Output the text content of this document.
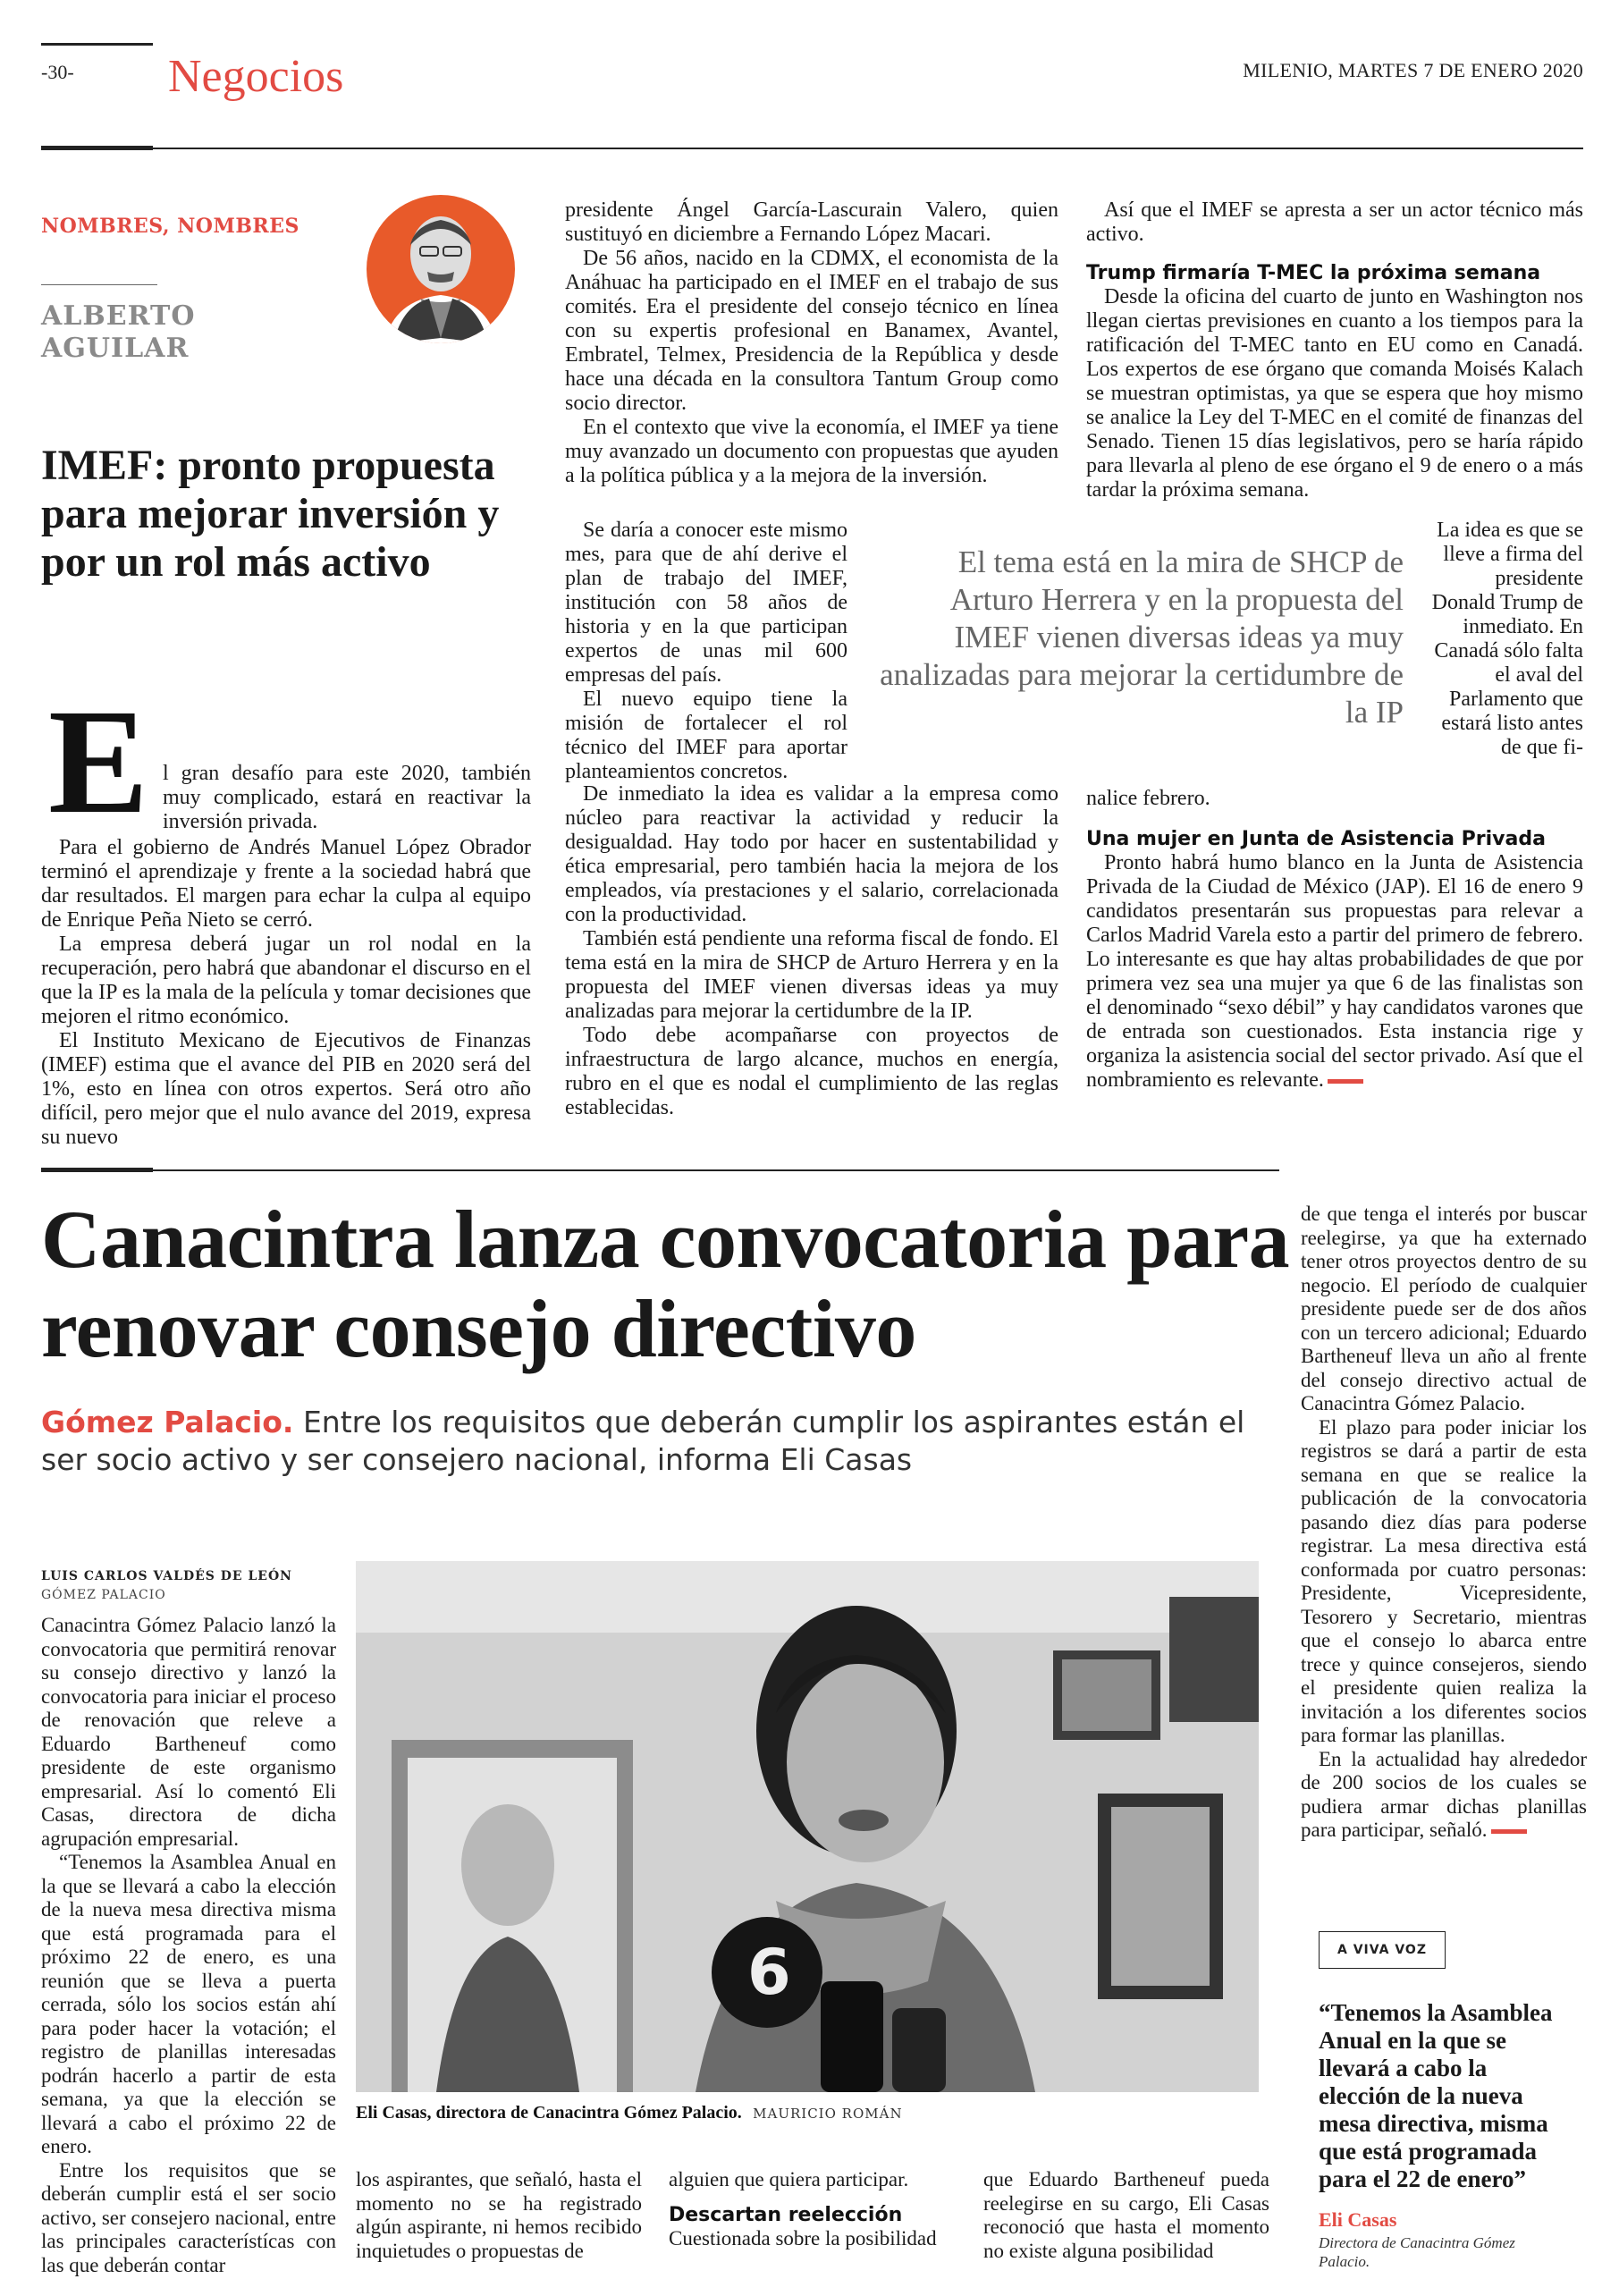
-30- Negocios	MILENIO, MARTES 7 DE ENERO 2020
NOMBRES, NOMBRES
ALBERTO
AGUILAR
IMEF: pronto propuesta para mejorar inversión y por un rol más activo
E l gran desafío para este 2020, también muy complicado, estará en reactivar la inversión privada.

Para el gobierno de Andrés Manuel López Obrador terminó el aprendizaje y frente a la sociedad habrá que dar resultados. El margen para echar la culpa al equipo de Enrique Peña Nieto se cerró.

La empresa deberá jugar un rol nodal en la recuperación, pero habrá que abandonar el discurso en el que la IP es la mala de la película y tomar decisiones que mejoren el ritmo económico.

El Instituto Mexicano de Ejecutivos de Finanzas (IMEF) estima que el avance del PIB en 2020 será del 1%, esto en línea con otros expertos. Será otro año difícil, pero mejor que el nulo avance del 2019, expresa su nuevo

presidente Ángel García-Lascurain Valero, quien sustituyó en diciembre a Fernando López Macari.

De 56 años, nacido en la CDMX, el economista de la Anáhuac ha participado en el IMEF en el trabajo de sus comités. Era el presidente del consejo técnico en línea con su expertis profesional en Banamex, Avantel, Embratel, Telmex, Presidencia de la República y desde hace una década en la consultora Tantum Group como socio director.

En el contexto que vive la economía, el IMEF ya tiene muy avanzado un documento con propuestas que ayuden a la política pública y a la mejora de la inversión.

Se daría a conocer este mismo mes, para que de ahí derive el plan de trabajo del IMEF, institución con 58 años de historia y en la que participan expertos de unas mil 600 empresas del país.

El nuevo equipo tiene la misión de fortalecer el rol técnico del IMEF para aportar planteamientos concretos.

De inmediato la idea es validar a la empresa como núcleo para reactivar la actividad y reducir la desigualdad. Hay todo por hacer en sustentabilidad y ética empresarial, pero también hacia la mejora de los empleados, vía prestaciones y el salario, correlacionada con la productividad.

También está pendiente una reforma fiscal de fondo. El tema está en la mira de SHCP de Arturo Herrera y en la propuesta del IMEF vienen diversas ideas ya muy analizadas para mejorar la certidumbre de la IP.

Todo debe acompañarse con proyectos de infraestructura de largo alcance, muchos en energía, rubro en el que es nodal el cumplimiento de las reglas establecidas.

El tema está en la mira de SHCP de Arturo Herrera y en la propuesta del IMEF vienen diversas ideas ya muy analizadas para mejorar la certidumbre de la IP

Así que el IMEF se apresta a ser un actor técnico más activo.

Trump firmaría T-MEC la próxima semana

Desde la oficina del cuarto de junto en Washington nos llegan ciertas previsiones en cuanto a los tiempos para la ratificación del T-MEC tanto en EU como en Canadá. Los expertos de ese órgano que comanda Moisés Kalach se muestran optimistas, ya que se espera que hoy mismo se analice la Ley del T-MEC en el comité de finanzas del Senado. Tienen 15 días legislativos, pero se haría rápido para llevarla al pleno de ese órgano el 9 de enero o a más tardar la próxima semana.

La idea es que se lleve a firma del presidente Donald Trump de inmediato. En Canadá sólo falta el aval del Parlamento que estará listo antes de que fi-

nalice febrero.

Una mujer en Junta de Asistencia Privada

Pronto habrá humo blanco en la Junta de Asistencia Privada de la Ciudad de México (JAP). El 16 de enero 9 candidatos presentarán sus propuestas para relevar a Carlos Madrid Varela esto a partir del primero de febrero. Lo interesante es que hay altas probabilidades de que por primera vez sea una mujer ya que 6 de las finalistas son el denominado “sexo débil” y hay candidatos varones que de entrada son cuestionados. Esta instancia rige y organiza la asistencia social del sector privado. Así que el nombramiento es relevante.

Canacintra lanza convocatoria para renovar consejo directivo
Gómez Palacio. Entre los requisitos que deberán cumplir los aspirantes están el ser socio activo y ser consejero nacional, informa Eli Casas
LUIS CARLOS VALDÉS DE LEÓN
GÓMEZ PALACIO

Canacintra Gómez Palacio lanzó la convocatoria que permitirá renovar su consejo directivo y lanzó la convocatoria para iniciar el proceso de renovación que releve a Eduardo Bartheneuf como presidente de este organismo empresarial. Así lo comentó Eli Casas, directora de dicha agrupación empresarial.

“Tenemos la Asamblea Anual en la que se llevará a cabo la elección de la nueva mesa directiva misma que está programada para el próximo 22 de enero, es una reunión que se lleva a puerta cerrada, sólo los socios están ahí para poder hacer la votación; el registro de planillas interesadas podrán hacerlo a partir de esta semana, ya que la elección se llevará a cabo el próximo 22 de enero.

Entre los requisitos que se deberán cumplir está el ser socio activo, ser consejero nacional, entre las principales característícas con las que deberán contar

6
Eli Casas, directora de Canacintra Gómez Palacio. MAURICIO ROMÁN

los aspirantes, que señaló, hasta el momento no se ha registrado algún aspirante, ni hemos recibido inquietudes o propuestas de

alguien que quiera participar.

Descartan reelección

Cuestionada sobre la posibilidad

que Eduardo Bartheneuf pueda reelegirse en su cargo, Eli Casas reconoció que hasta el momento no existe alguna posibilidad

de que tenga el interés por buscar reelegirse, ya que ha externado tener otros proyectos dentro de su negocio. El período de cualquier presidente puede ser de dos años con un tercero adicional; Eduardo Bartheneuf lleva un año al frente del consejo directivo actual de Canacintra Gómez Palacio.

El plazo para poder iniciar los registros se dará a partir de esta semana en que se realice la publicación de la convocatoria pasando diez días para poderse registrar. La mesa directiva está conformada por cuatro personas: Presidente, Vicepresidente, Tesorero y Secretario, mientras que el consejo lo abarca entre trece y quince consejeros, siendo el presidente quien realiza la invitación a los diferentes socios para formar las planillas.

En la actualidad hay alrededor de 200 socios de los cuales se pudiera armar dichas planillas para participar, señaló.

A VIVA VOZ
“Tenemos la Asamblea Anual en la que se llevará a cabo la elección de la nueva mesa directiva, misma que está programada para el 22 de enero”
Eli Casas
Directora de Canacintra Gómez Palacio.
